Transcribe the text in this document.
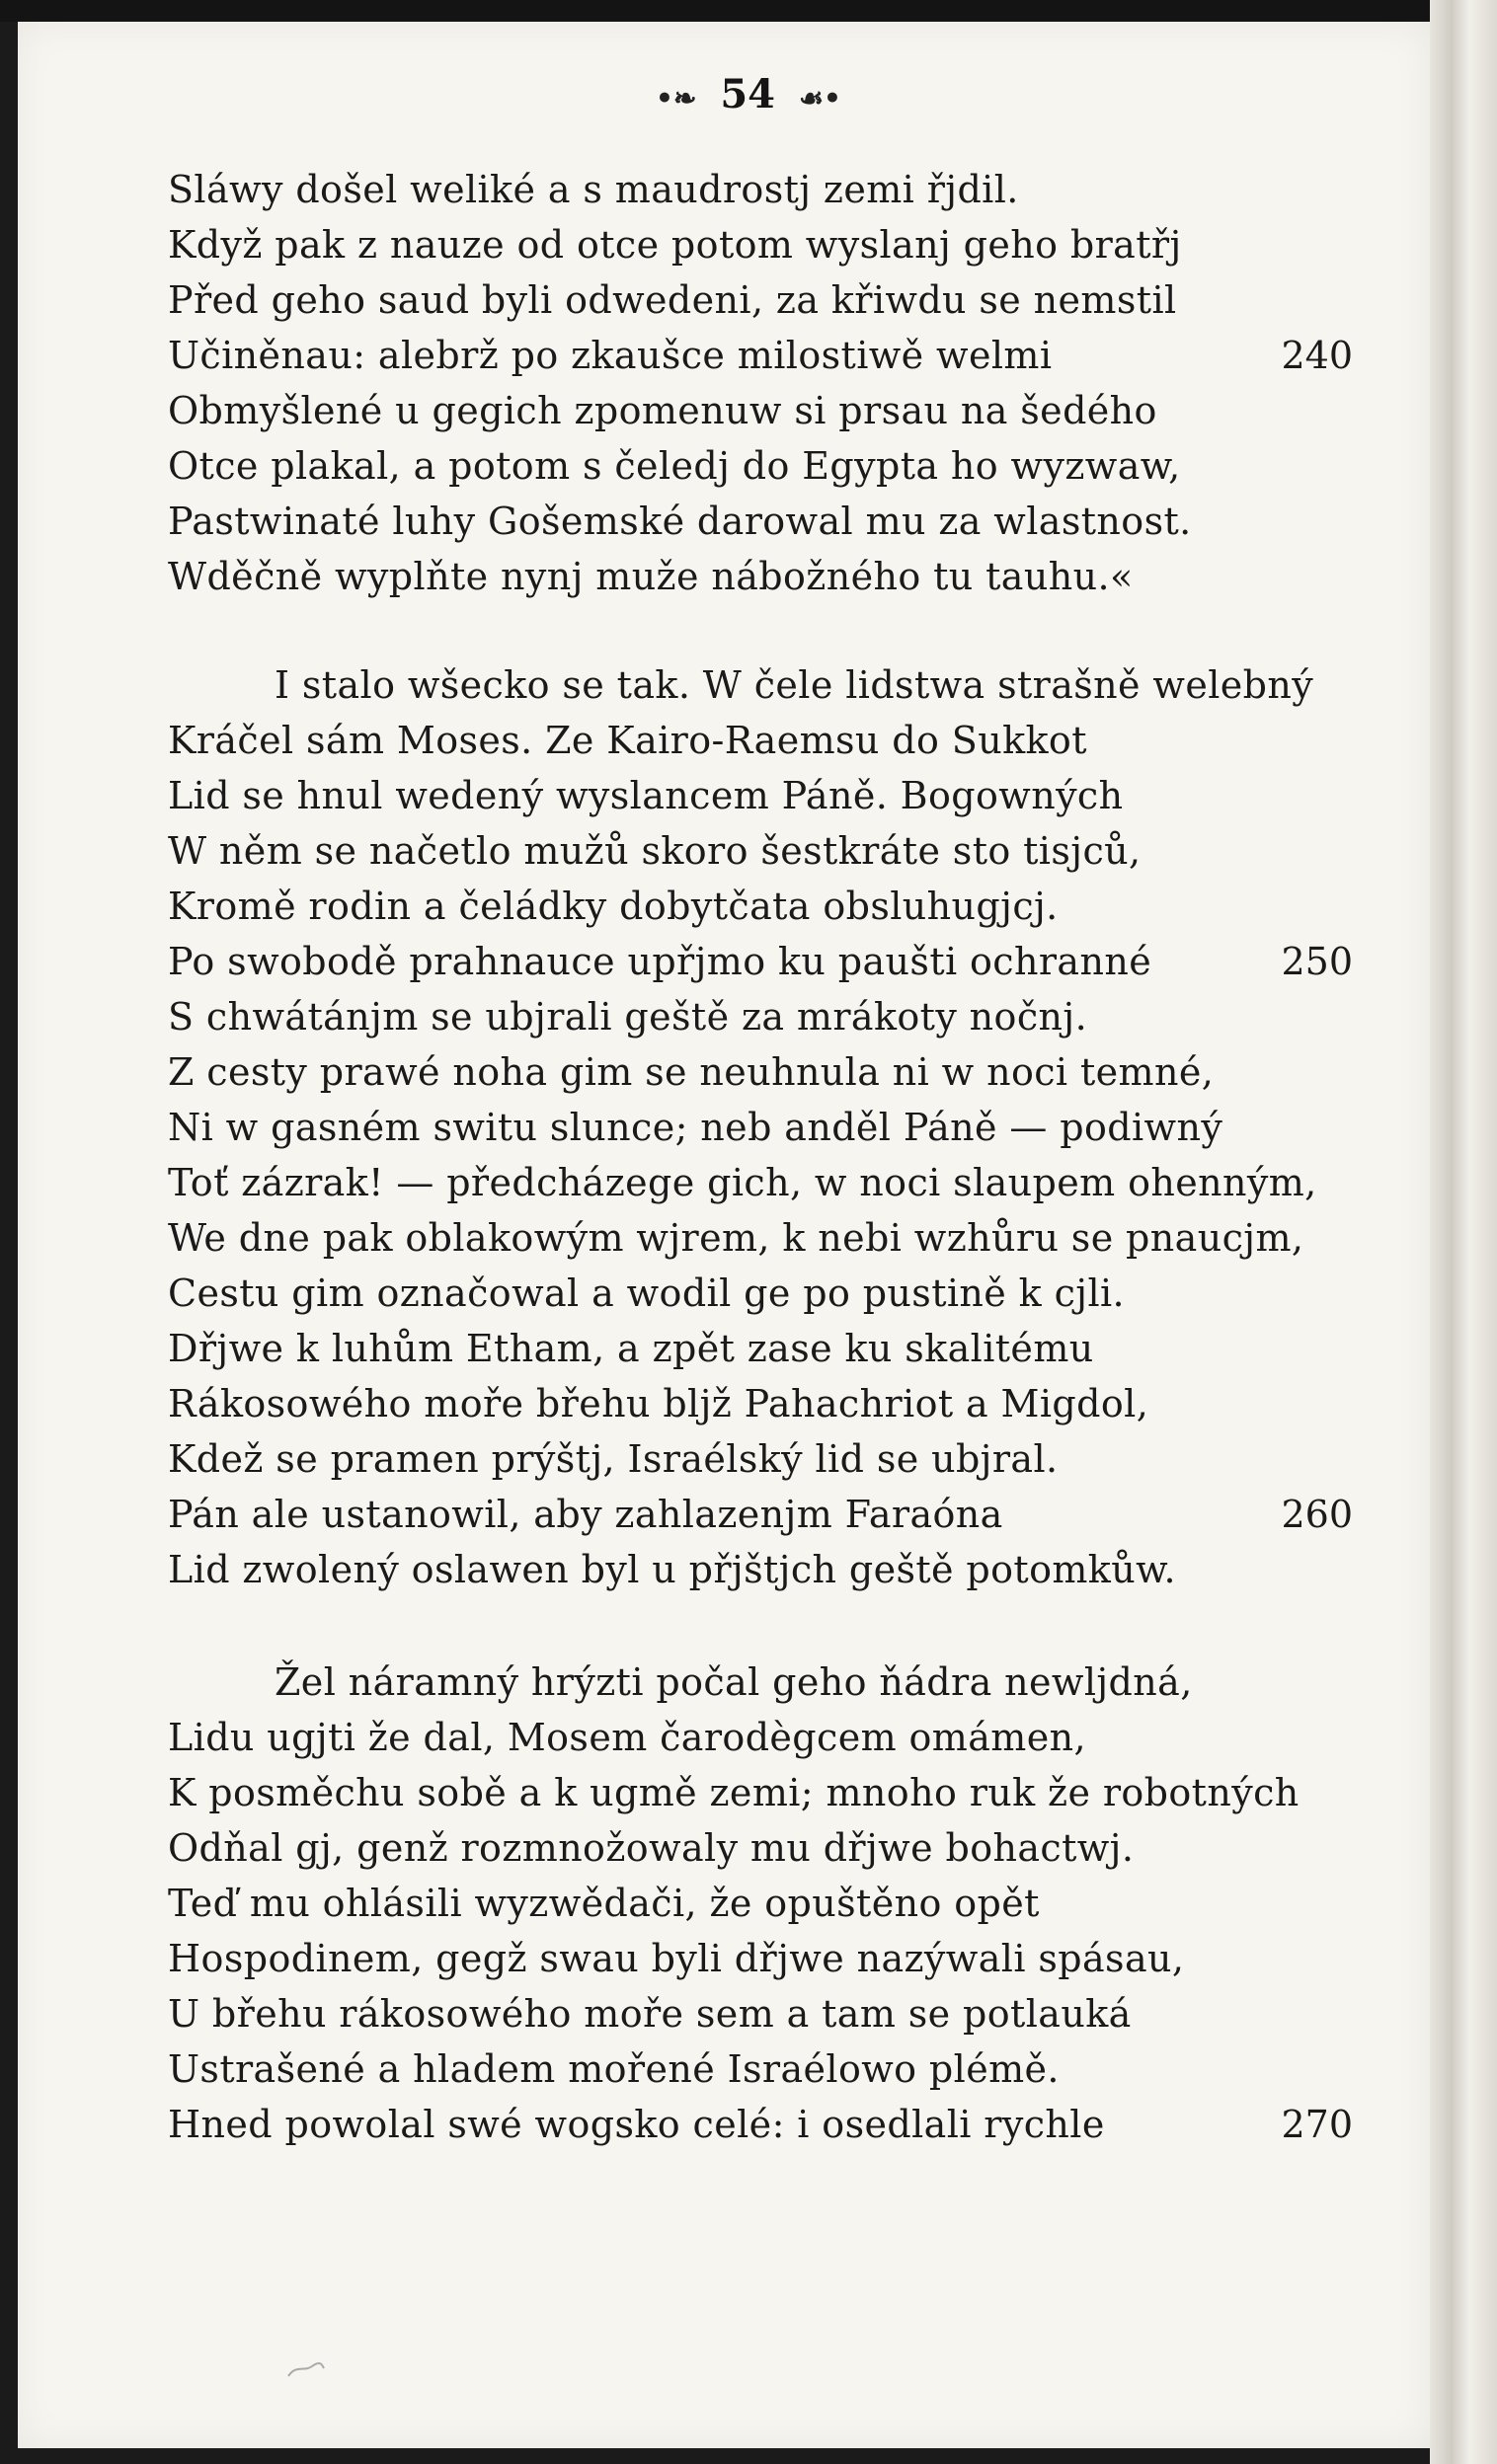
•❧ 54 ☙•
Sláwy došel weliké a s maudrostj zemi řjdil.
Když pak z nauze od otce potom wyslanj geho bratřj
Před geho saud byli odwedeni, za křiwdu se nemstil
Učiněnau: alebrž po zkaušce milostiwě welmi	240
Obmyšlené u gegich zpomenuw si prsau na šedého
Otce plakal, a potom s čeledj do Egypta ho wyzwaw,
Pastwinaté luhy Gošemské darowal mu za wlastnost.
Wděčně wyplňte nynj muže nábožného tu tauhu.«
I stalo wšecko se tak. W čele lidstwa strašně welebný
Kráčel sám Moses. Ze Kairo-Raemsu do Sukkot
Lid se hnul wedený wyslancem Páně. Bogowných
W něm se načetlo mužů skoro šestkráte sto tisjců,
Kromě rodin a čeládky dobytčata obsluhugjcj.
Po swobodě prahnauce upřjmo ku paušti ochranné	250
S chwátánjm se ubjrali geště za mrákoty nočnj.
Z cesty prawé noha gim se neuhnula ni w noci temné,
Ni w gasném switu slunce; neb anděl Páně — podiwný
Toť zázrak! — předcházege gich, w noci slaupem ohenným,
We dne pak oblakowým wjrem, k nebi wzhůru se pnaucjm,
Cestu gim označowal a wodil ge po pustině k cjli.
Dřjwe k luhům Etham, a zpět zase ku skalitému
Rákosowého moře břehu bljž Pahachriot a Migdol,
Kdež se pramen prýštj, Israélský lid se ubjral.
Pán ale ustanowil, aby zahlazenjm Faraóna	260
Lid zwolený oslawen byl u přjštjch geště potomkůw.
Žel náramný hrýzti počal geho ňádra newljdná,
Lidu ugjti že dal, Mosem čarodègcem omámen,
K posměchu sobě a k ugmě zemi; mnoho ruk že robotných
Odňal gj, genž rozmnožowaly mu dřjwe bohactwj.
Teď mu ohlásili wyzwědači, že opuštěno opět
Hospodinem, gegž swau byli dřjwe nazýwali spásau,
U břehu rákosowého moře sem a tam se potlauká
Ustrašené a hladem mořené Israélowo plémě.
Hned powolal swé wogsko celé: i osedlali rychle	270
